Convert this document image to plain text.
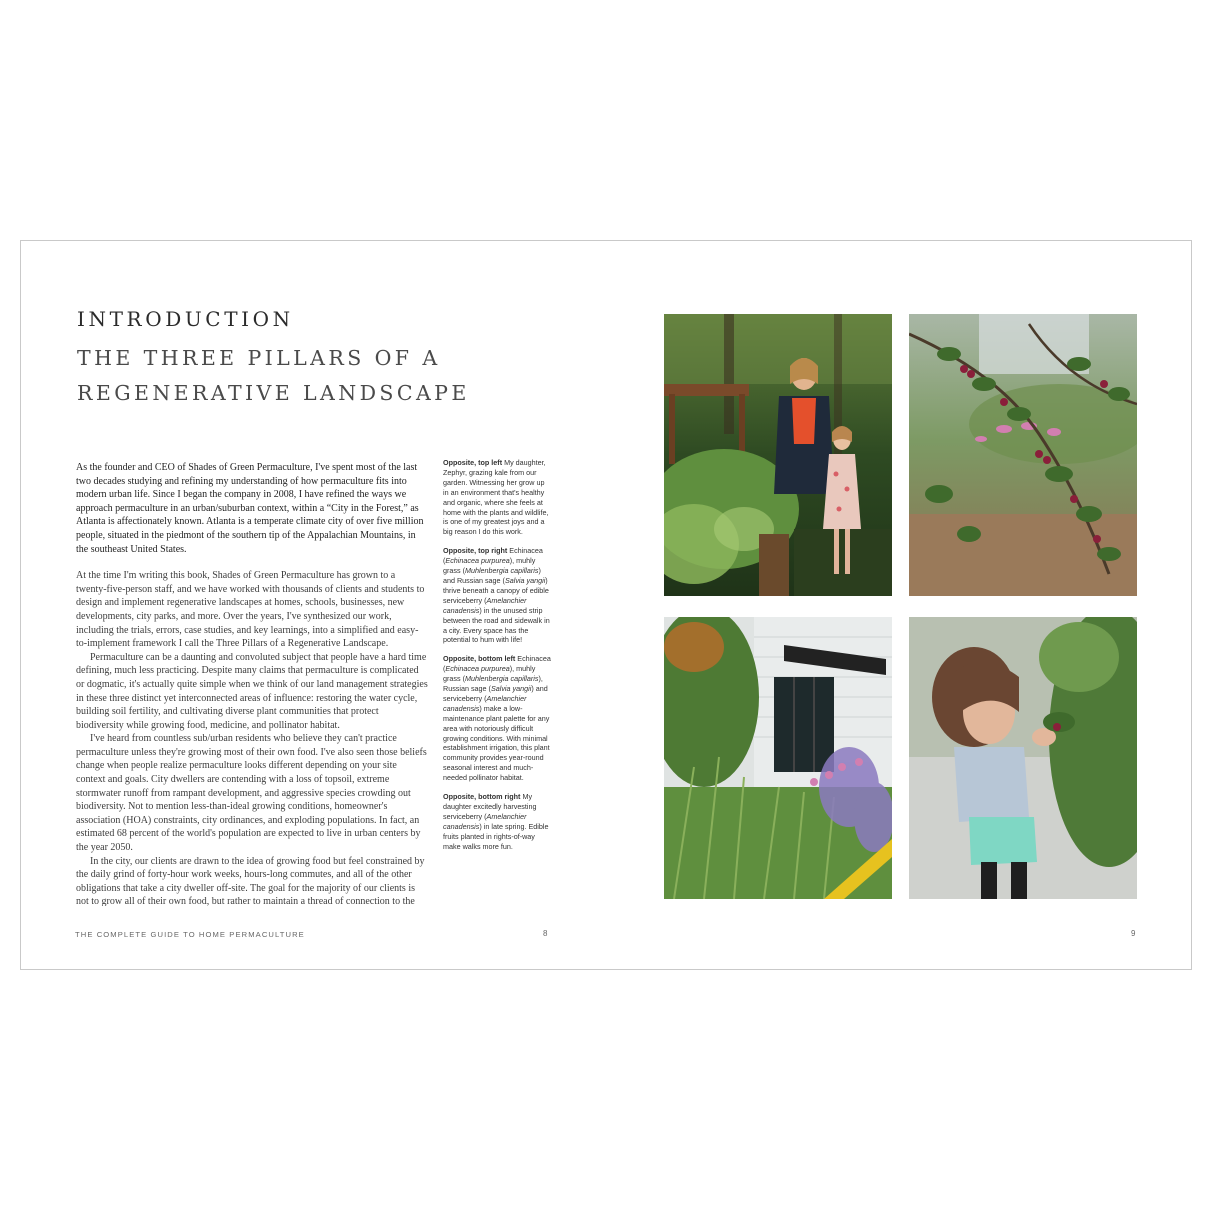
INTRODUCTION
THE THREE PILLARS OF A REGENERATIVE LANDSCAPE

As the founder and CEO of Shades of Green Permaculture, I've spent most of the last two decades studying and refining my understanding of how permaculture fits into modern urban life. Since I began the company in 2008, I have refined the ways we approach permaculture in an urban/suburban context, within a “City in the Forest,” as Atlanta is affectionately known. Atlanta is a temperate climate city of over five million people, situated in the piedmont of the southern tip of the Appalachian Mountains, in the southeast United States.

At the time I'm writing this book, Shades of Green Permaculture has grown to a twenty-five-person staff, and we have worked with thousands of clients and students to design and implement regenerative landscapes at homes, schools, businesses, new developments, city parks, and more. Over the years, I've synthesized our work, including the trials, errors, case studies, and key learnings, into a simplified and easy-to-implement framework I call the Three Pillars of a Regenerative Landscape.

Permaculture can be a daunting and convoluted subject that people have a hard time defining, much less practicing. Despite many claims that permaculture is complicated or dogmatic, it's actually quite simple when we think of our land management strategies in these three distinct yet interconnected areas of influence: restoring the water cycle, building soil fertility, and cultivating diverse plant communities that protect biodiversity while growing food, medicine, and pollinator habitat.

I've heard from countless sub/urban residents who believe they can't practice permaculture unless they're growing most of their own food. I've also seen those beliefs change when people realize permaculture looks different depending on your site context and goals. City dwellers are contending with a loss of topsoil, extreme stormwater runoff from rampant development, and aggressive species crowding out biodiversity. Not to mention less-than-ideal growing conditions, homeowner's association (HOA) constraints, city ordinances, and exploding populations. In fact, an estimated 68 percent of the world's population are expected to live in urban centers by the year 2050.

In the city, our clients are drawn to the idea of growing food but feel constrained by the daily grind of forty-hour work weeks, hours-long commutes, and all of the other obligations that take a city dweller off-site. The goal for the majority of our clients is not to grow all of their own food, but rather to maintain a thread of connection to the

Opposite, top left My daughter, Zephyr, grazing kale from our garden. Witnessing her grow up in an environment that's healthy and organic, where she feels at home with the plants and wildlife, is one of my greatest joys and a big reason I do this work.

Opposite, top right Echinacea (Echinacea purpurea), muhly grass (Muhlenbergia capillaris) and Russian sage (Salvia yangii) thrive beneath a canopy of edible serviceberry (Amelanchier canadensis) in the unused strip between the road and sidewalk in a city. Every space has the potential to hum with life!

Opposite, bottom left Echinacea (Echinacea purpurea), muhly grass (Muhlenbergia capillaris), Russian sage (Salvia yangii) and serviceberry (Amelanchier canadensis) make a low-maintenance plant palette for any area with notoriously difficult growing conditions. With minimal establishment irrigation, this plant community provides year-round seasonal interest and much-needed pollinator habitat.

Opposite, bottom right My daughter excitedly harvesting serviceberry (Amelanchier canadensis) in late spring. Edible fruits planted in rights-of-way make walks more fun.

THE COMPLETE GUIDE TO HOME PERMACULTURE	8	9
